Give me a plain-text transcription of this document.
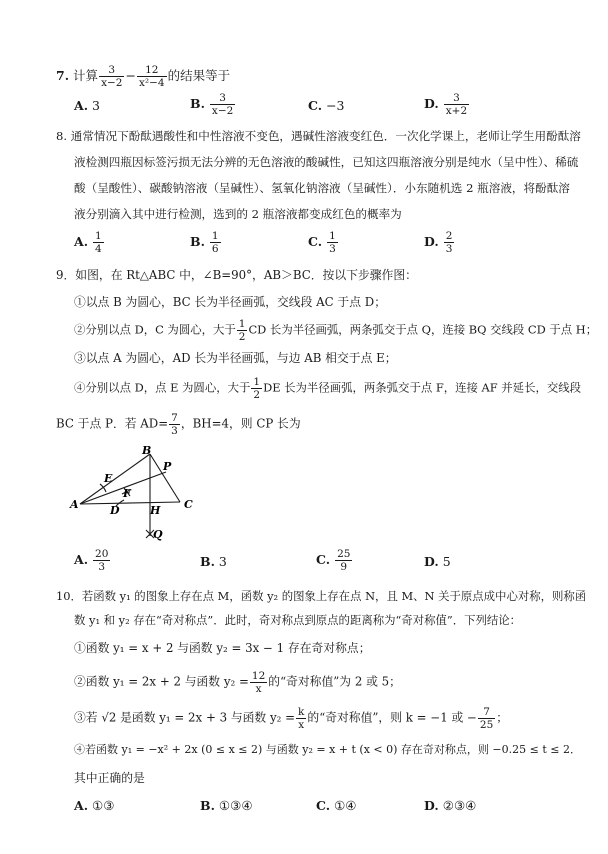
7. 计算 $\frac{3}{x-2} - \frac{12}{\text{x²−4}}$ 的结果等于
A. 3	B. $\frac{3}{x-2}$	C. −3	D. $\frac{3}{x+2}$
8. 通常情况下酚酞遇酸性和中性溶液不变色，遇碱性溶液变红色．一次化学课上，老师让学生用酚酞溶
液检测四瓶因标签污损无法分辨的无色溶液的酸碱性，已知这四瓶溶液分别是纯水（呈中性）、稀硫
酸（呈酸性）、碳酸钠溶液（呈碱性）、氢氧化钠溶液（呈碱性）．小东随机选 2 瓶溶液，将酚酞溶
液分别滴入其中进行检测，选到的 2 瓶溶液都变成红色的概率为
A. $\frac{1}{4}$	B. $\frac{1}{6}$	C. $\frac{1}{3}$	D. $\frac{2}{3}$
9．如图，在 Rt△ABC 中，∠B=90°，AB＞BC．按以下步骤作图：
①以点 B 为圆心，BC 长为半径画弧，交线段 AC 于点 D；
②分别以点 D，C 为圆心，大于 $\frac{1}{2}$ CD 长为半径画弧，两条弧交于点 Q，连接 BQ 交线段 CD 于点 H；
③以点 A 为圆心，AD 长为半径画弧，与边 AB 相交于点 E；
④分别以点 D，点 E 为圆心，大于 $\frac{1}{2}$ DE 长为半径画弧，两条弧交于点 F，连接 AF 并延长，交线段
BC 于点 P．若 $AD= \frac{7}{3}$ ，BH=4，则 CP 长为
A
B
C
D
E
F
H
P
Q
A. $\frac{20}{3}$	B. 3	C. $\frac{25}{9}$	D. 5
10．若函数 y₁ 的图象上存在点 M，函数 y₂ 的图象上存在点 N，且 M、N 关于原点成中心对称，则称函
数 y₁ 和 y₂ 存在“奇对称点”．此时，奇对称点到原点的距离称为“奇对称值”．下列结论：
①函数 y₁ = x + 2 与函数 y₂ = 3x − 1 存在奇对称点；
②函数 y₁ = 2x + 2 与函数 $y_2 = \frac{12}{x}$ 的“奇对称值”为 2 或 5；
③若 √2 是函数 y₁ = 2x + 3 与函数 $y_2 = \frac{k}{x}$ 的“奇对称值”，则 k = −1 或 − $\frac{7}{25}$ ；
④若函数 y₁ = −x² + 2x (0 ≤ x ≤ 2) 与函数 y₂ = x + t (x < 0) 存在奇对称点，则 −0.25 ≤ t ≤ 2．
其中正确的是
A. ①③	B. ①③④	C. ①④	D. ②③④
